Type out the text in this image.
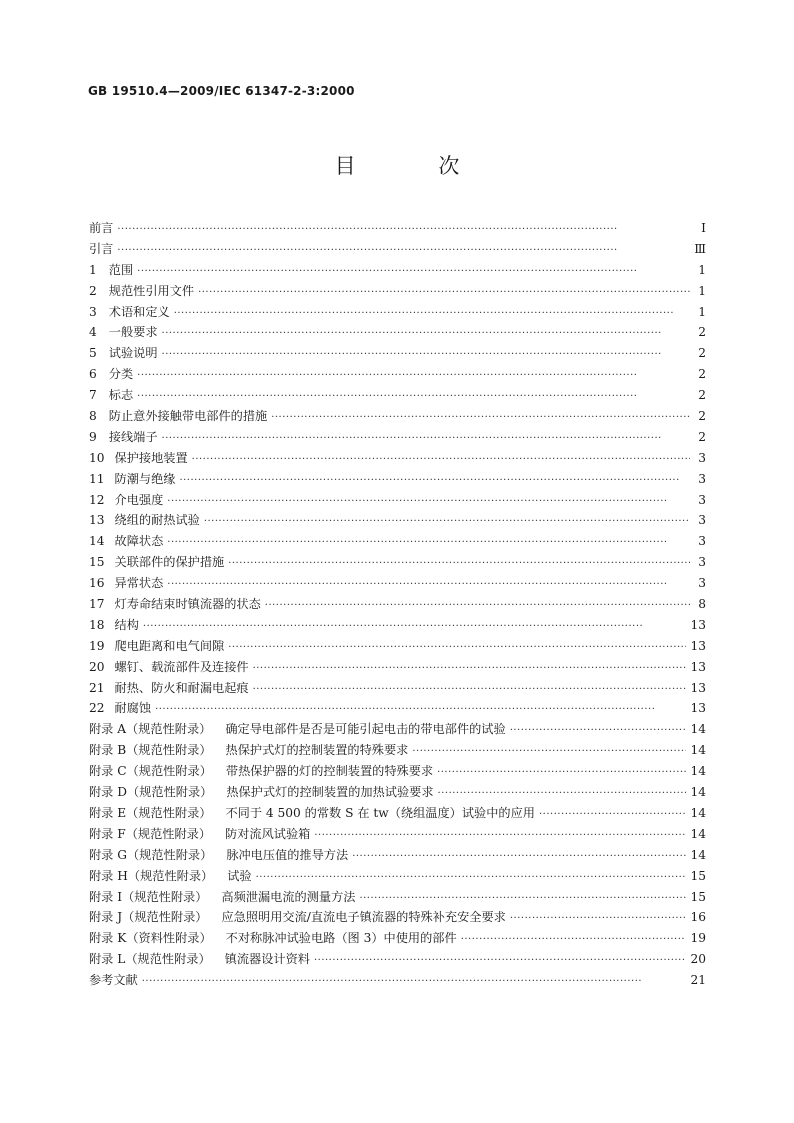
GB 19510.4—2009/IEC 61347-2-3:2000
目 次
前言 ·····	Ⅰ
引言 ·····	Ⅲ
1 范围 ·····	1
2 规范性引用文件 ·····	1
3 术语和定义 ·····	1
4 一般要求 ·····	2
5 试验说明 ·····	2
6 分类 ·····	2
7 标志 ·····	2
8 防止意外接触带电部件的措施 ·····	2
9 接线端子 ·····	2
10 保护接地装置 ·····	3
11 防潮与绝缘 ·····	3
12 介电强度 ·····	3
13 绕组的耐热试验 ·····	3
14 故障状态 ·····	3
15 关联部件的保护措施 ·····	3
16 异常状态 ·····	3
17 灯寿命结束时镇流器的状态 ·····	8
18 结构 ·····	13
19 爬电距离和电气间隙 ·····	13
20 螺钉、载流部件及连接件 ·····	13
21 耐热、防火和耐漏电起痕 ·····	13
22 耐腐蚀 ·····	13
附录 A（规范性附录） 确定导电部件是否是可能引起电击的带电部件的试验 ·····	14
附录 B（规范性附录） 热保护式灯的控制装置的特殊要求 ·····	14
附录 C（规范性附录） 带热保护器的灯的控制装置的特殊要求 ·····	14
附录 D（规范性附录） 热保护式灯的控制装置的加热试验要求 ·····	14
附录 E（规范性附录） 不同于 4 500 的常数 S 在 tw（绕组温度）试验中的应用 ·····	14
附录 F（规范性附录） 防对流风试验箱 ·····	14
附录 G（规范性附录） 脉冲电压值的推导方法 ·····	14
附录 H（规范性附录） 试验 ·····	15
附录 I（规范性附录） 高频泄漏电流的测量方法 ·····	15
附录 J（规范性附录） 应急照明用交流/直流电子镇流器的特殊补充安全要求 ·····	16
附录 K（资料性附录） 不对称脉冲试验电路（图 3）中使用的部件 ·····	19
附录 L（规范性附录） 镇流器设计资料 ·····	20
参考文献 ·····	21
